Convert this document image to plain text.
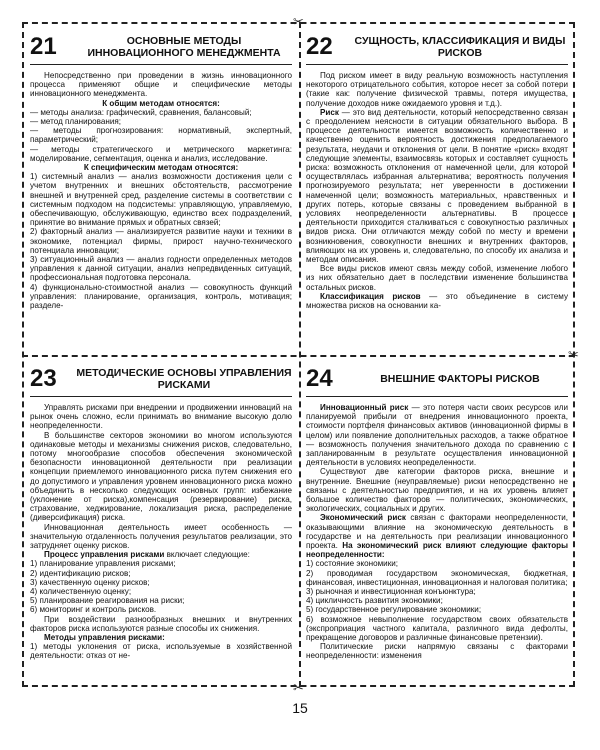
21	ОСНОВНЫЕ МЕТОДЫ ИННОВАЦИОННОГО МЕНЕДЖМЕНТА

Непосредственно при проведении в жизнь инновационного процесса применяют общие и специфические методы инновационного менеджмента.

К общим методам относятся:

— методы анализа: графический, сравнения, балансовый;

— метод планирования;

— методы прогнозирования: нормативный, экспертный, параметрический;

— методы стратегического и метрического маркетинга: моделирование, сегментация, оценка и анализ, исследование.

К специфическим методам относятся:

1) системный анализ — анализ возможности достижения цели с учетом внутренних и внешних обстоятельств, рассмотрение внешней и внутренней сред, разделение системы в соответствии с системным подходом на подсистемы: управляющую, управляемую, обеспечивающую, обслуживающую, единство всех подразделений, принятие во внимание прямых и обратных связей;

2) факторный анализ — анализируется развитие науки и техники в экономике, потенциал фирмы, прирост научно-технического потенциала инновации;

3) ситуационный анализ — анализ годности определенных методов управления к данной ситуации, анализ непредвиденных ситуаций, профессиональная подготовка персонала.

4) функционально-стоимостной анализ — совокупность функций управления: планирование, организация, контроль, мотивация; разделе-

22	СУЩНОСТЬ, КЛАССИФИКАЦИЯ И ВИДЫ РИСКОВ

Под риском имеет в виду реальную возможность наступления некоторого отрицательного события, которое несет за собой потери (такие как: получение физической травмы, потеря имущества, получение доходов ниже ожидаемого уровня и т.д.).

Риск — это вид деятельности, который непосредственно связан с преодолением неясности в ситуации обязательного выбора. В процессе деятельности имеется возможность количественно и качественно оценить вероятность достижения предполагаемого результата, неудачи и отклонения от цели. В понятие «риск» входят следующие элементы, взаимосвязь которых и составляет сущность риска: возможность отклонения от намеченной цели, для которой осуществлялась избранная альтернатива; вероятность получения прогнозируемого результата; нет уверенности в достижении намеченной цели; возможность материальных, нравственных и других потерь, которые связаны с проведением выбранной в условиях неопределенности альтернативы. В процессе деятельности приходится сталкиваться с совокупностью различных видов риска. Они отличаются между собой по месту и времени возникновения, совокупности внешних и внутренних факторов, влияющих на их уровень и, следовательно, по способу их анализа и методам описания.

Все виды рисков имеют связь между собой, изменение любого из них обязательно дает в последствии изменение большинства остальных рисков.

Классификация рисков — это объединение в систему множества рисков на основании ка-

23	МЕТОДИЧЕСКИЕ ОСНОВЫ УПРАВЛЕНИЯ РИСКАМИ

Управлять рисками при внедрении и продвижении инноваций на рынок очень сложно, если принимать во внимание высокую долю неопределенности.

В большинстве секторов экономики во многом используются одинаковые методы и механизмы снижения рисков, следовательно, потому многообразие способов обеспечения экономической безопасности инновационной деятельности при реализации концепции приемлемого инновационного риска путем снижения его до допустимого и управления уровнем инновационного риска можно объединить в несколько следующих основных групп: избежание (уклонение от риска),компенсация (резервирование) риска, страхование, хеджирование, локализация риска, распределение (диверсификация) риска.

Инновационная деятельность имеет особенность — значительную отдаленность получения результатов реализации, это затрудняет оценку рисков.

Процесс управления рисками включает следующие:

1) планирование управления рисками;

2) идентификацию рисков;

3) качественную оценку рисков;

4) количественную оценку;

5) планирование реагирования на риски;

6) мониторинг и контроль рисков.

При воздействии разнообразных внешних и внутренних факторов риска используются разные способы их снижения.

Методы управления рисками:

1) методы уклонения от риска, используемые в хозяйственной деятельности: отказ от не-

24	ВНЕШНИЕ ФАКТОРЫ РИСКОВ

Инновационный риск — это потеря части своих ресурсов или планируемой прибыли от внедрения инновационного проекта, стоимости портфеля финансовых активов (инновационной фирмы в целом) или появление дополнительных расходов, а также обратное — возможность получения значительного дохода по сравнению с запланированным в результате осуществления инновационной деятельности в условиях неопределенности.

Существуют две категории факторов риска, внешние и внутренние. Внешние (неуправляемые) риски непосредственно не связаны с деятельностью предприятия, и на их уровень влияет большое количество факторов — политических, экономических, экологических, социальных и других.

Экономический риск связан с факторами неопределенности, оказывающими влияние на экономическую деятельность в государстве и на деятельность при реализации инновационного проекта. На экономический риск влияют следующие факторы неопределенности:

1) состояние экономики;

2) проводимая государством экономическая, бюджетная, финансовая, инвестиционная, инновационная и налоговая политика;

3) рыночная и инвестиционная конъюнктура;

4) цикличность развития экономики;

5) государственное регулирование экономики;

6) возможное невыполнение государством своих обязательств (экспроприация частного капитала, различного вида дефолты, прекращение договоров и различные финансовые претензии).

Политические риски напрямую связаны с факторами неопределенности: изменения

✂
✂
✂
15
